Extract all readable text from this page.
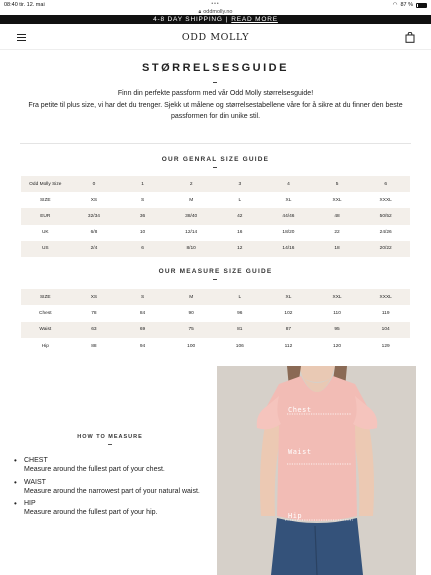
08:40 tir. 12. mai	•••	◠ 87 %
🔒︎ oddmolly.no
4-8 DAY SHIPPING | READ MORE
ODD MOLLY
STØRRELSESGUIDE
Finn din perfekte passform med vår Odd Molly størrelsesguide!
Fra petite til plus size, vi har det du trenger. Sjekk ut målene og størrelsestabellene våre for å sikre at du finner den beste passformen for din unike stil.
OUR GENRAL SIZE GUIDE
Odd Molly Size	0	1	2	3	4	5	6
SIZE	XS	S	M	L	XL	XXL	XXXL
EUR	32/34	36	38/40	42	44/46	48	50/52
UK	6/8	10	12/14	16	18/20	22	24/26
US	2/4	6	8/10	12	14/16	18	20/22
OUR MEASURE SIZE GUIDE
SIZE	XS	S	M	L	XL	XXL	XXXL
Chest	78	84	90	96	102	110	119
Waist	63	69	75	81	87	95	104
Hip	88	94	100	106	112	120	129
HOW TO MEASURE
• CHEST
Measure around the fullest part of your chest.
• WAIST
Measure around the narrowest part of your natural waist.
• HIP
Measure around the fullest part of your hip.
Chest
Waist
Hip
